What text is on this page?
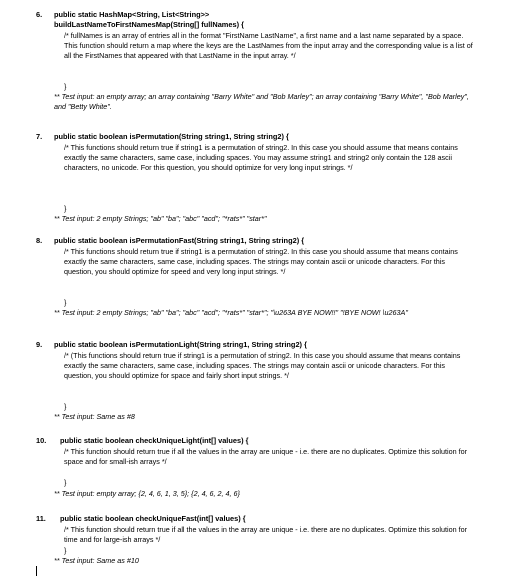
6. public static HashMap<String, List<String>>
buildLastNameToFirstNamesMap(String[] fullNames) {
/* fullNames is an array of entries all in the format "FirstName LastName", a first name and a last name separated by a space. This function should return a map where the keys are the LastNames from the input array and the corresponding value is a list of all the FirstNames that appeared with that LastName in the input array. */
}
** Test input: an empty array; an array containing "Barry White" and "Bob Marley"; an array containing "Barry White", "Bob Marley", and "Betty White".
7. public static boolean isPermutation(String string1, String string2) {
/* This functions should return true if string1 is a permutation of string2. In this case you should assume that means contains exactly the same characters, same case, including spaces. You may assume string1 and string2 only contain the 128 ascii characters, no unicode. For this question, you should optimize for very long input strings. */
}
** Test input: 2 empty Strings; "ab" "ba"; "abc" "acd"; "*rats*" "star*"
8. public static boolean isPermutationFast(String string1, String string2) {
/* This functions should return true if string1 is a permutation of string2. In this case you should assume that means contains exactly the same characters, same case, including spaces. The strings may contain ascii or unicode characters. For this question, you should optimize for speed and very long input strings. */
}
** Test input: 2 empty Strings; "ab" "ba"; "abc" "acd"; "*rats*" "star*"; "\u263A BYE NOW!!" "!BYE NOW! \u263A"
9. public static boolean isPermutationLight(String string1, String string2) {
/* (This functions should return true if string1 is a permutation of string2. In this case you should assume that means contains exactly the same characters, same case, including spaces. The strings may contain ascii or unicode characters. For this question, you should optimize for space and fairly short input strings. */
}
** Test input: Same as #8
10. public static boolean checkUniqueLight(int[] values) {
/* This function should return true if all the values in the array are unique - i.e. there are no duplicates. Optimize this solution for space and for small-ish arrays */
}
** Test input: empty array; {2, 4, 6, 1, 3, 5}; {2, 4, 6, 2, 4, 6}
11. public static boolean checkUniqueFast(int[] values) {
/* This function should return true if all the values in the array are unique - i.e. there are no duplicates. Optimize this solution for time and for large-ish arrays */
}
** Test input: Same as #10
